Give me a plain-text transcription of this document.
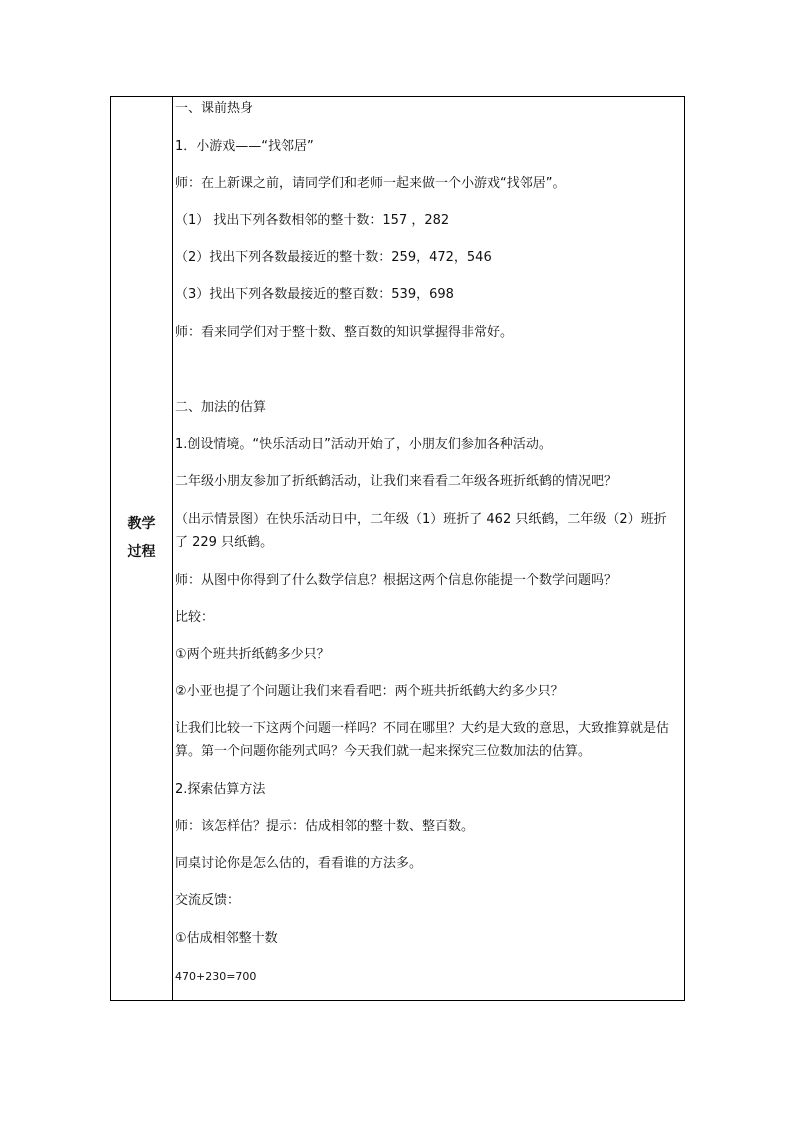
教学
过程
一、课前热身
1．小游戏——“找邻居”
师：在上新课之前，请同学们和老师一起来做一个小游戏“找邻居”。
（1） 找出下列各数相邻的整十数：157 ，282
（2）找出下列各数最接近的整十数：259，472，546
（3）找出下列各数最接近的整百数：539，698
师：看来同学们对于整十数、整百数的知识掌握得非常好。
二、加法的估算
1.创设情境。“快乐活动日”活动开始了，小朋友们参加各种活动。
二年级小朋友参加了折纸鹤活动，让我们来看看二年级各班折纸鹤的情况吧？
（出示情景图）在快乐活动日中，二年级（1）班折了 462 只纸鹤，二年级（2）班折了 229 只纸鹤。
师：从图中你得到了什么数学信息？根据这两个信息你能提一个数学问题吗？
比较：
①两个班共折纸鹤多少只？
②小亚也提了个问题让我们来看看吧：两个班共折纸鹤大约多少只？
让我们比较一下这两个问题一样吗？不同在哪里？大约是大致的意思，大致推算就是估算。第一个问题你能列式吗？今天我们就一起来探究三位数加法的估算。
2.探索估算方法
师：该怎样估？提示：估成相邻的整十数、整百数。
同桌讨论你是怎么估的，看看谁的方法多。
交流反馈：
①估成相邻整十数
470+230=700
